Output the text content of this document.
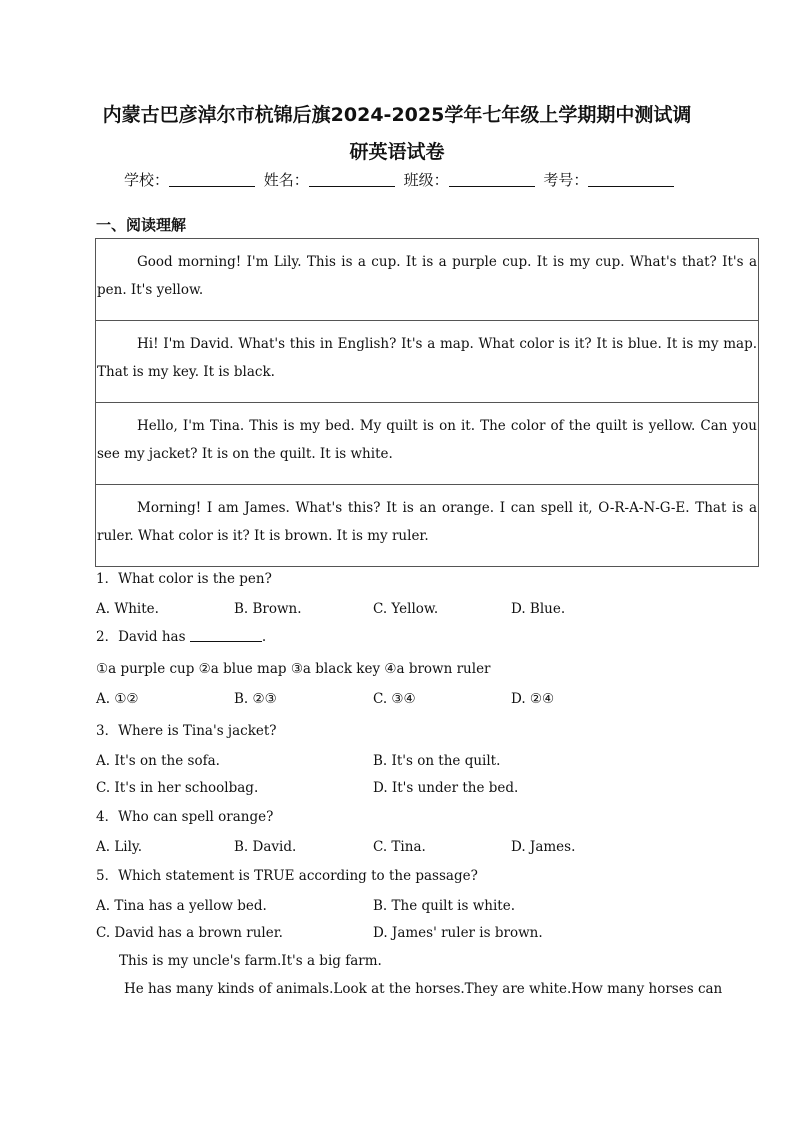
内蒙古巴彦淖尔市杭锦后旗2024-2025学年七年级上学期期中测试调
研英语试卷
学校：	姓名：	班级：	考号：
一、阅读理解
Good morning! I'm Lily. This is a cup. It is a purple cup. It is my cup. What's that? It's a pen. It's yellow.
Hi! I'm David. What's this in English? It's a map. What color is it? It is blue. It is my map. That is my key. It is black.
Hello, I'm Tina. This is my bed. My quilt is on it. The color of the quilt is yellow. Can you see my jacket? It is on the quilt. It is white.
Morning! I am James. What's this? It is an orange. I can spell it, O-R-A-N-G-E. That is a ruler. What color is it? It is brown. It is my ruler.
1．What color is the pen?
A. White.	B. Brown.	C. Yellow.	D. Blue.
2．David has	.
①a purple cup ②a blue map ③a black key ④a brown ruler
A. ①②	B. ②③	C. ③④	D. ②④
3．Where is Tina's jacket?
A. It's on the sofa.	B. It's on the quilt.
C. It's in her schoolbag.	D. It's under the bed.
4．Who can spell orange?
A. Lily.	B. David.	C. Tina.	D. James.
5．Which statement is TRUE according to the passage?
A. Tina has a yellow bed.	B. The quilt is white.
C. David has a brown ruler.	D. James' ruler is brown.
This is my uncle's farm.It's a big farm.
He has many kinds of animals.Look at the horses.They are white.How many horses can
